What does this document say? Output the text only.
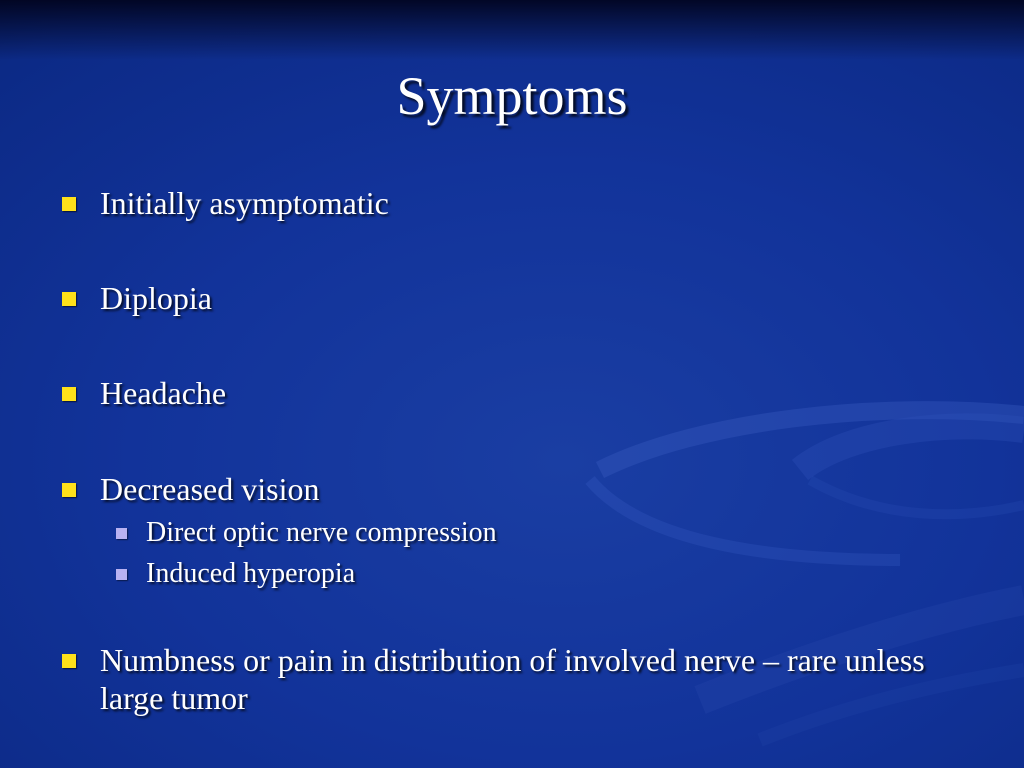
Symptoms
Initially asymptomatic
Diplopia
Headache
Decreased vision
Direct optic nerve compression
Induced hyperopia
Numbness or pain in distribution of involved nerve – rare unless large tumor
